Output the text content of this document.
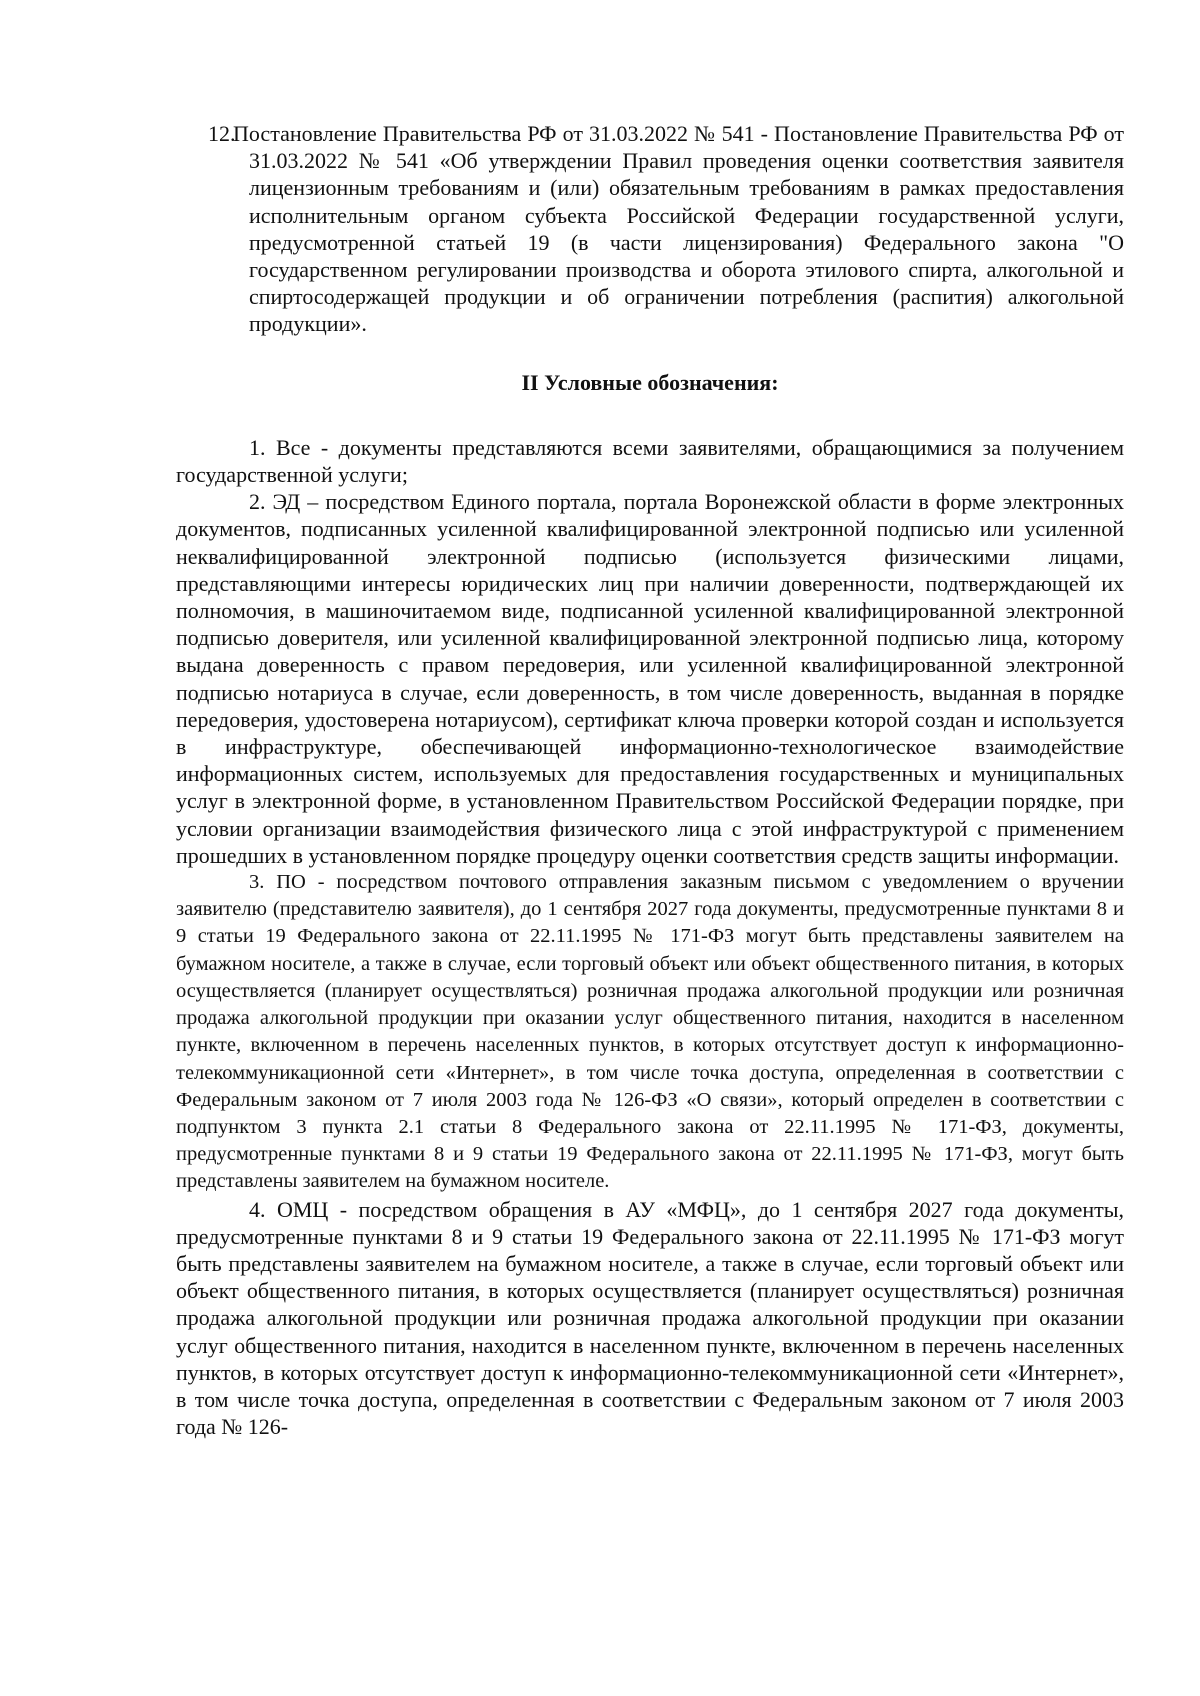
12.Постановление Правительства РФ от 31.03.2022 № 541 - Постановление Правительства РФ от 31.03.2022 № 541 «Об утверждении Правил проведения оценки соответствия заявителя лицензионным требованиям и (или) обязательным требованиям в рамках предоставления исполнительным органом субъекта Российской Федерации государственной услуги, предусмотренной статьей 19 (в части лицензирования) Федерального закона "О государственном регулировании производства и оборота этилового спирта, алкогольной и спиртосодержащей продукции и об ограничении потребления (распития) алкогольной продукции».

II Условные обозначения:

1. Все - документы представляются всеми заявителями, обращающимися за получением государственной услуги;

2. ЭД – посредством Единого портала, портала Воронежской области в форме электронных документов, подписанных усиленной квалифицированной электронной подписью или усиленной неквалифицированной электронной подписью (используется физическими лицами, представляющими интересы юридических лиц при наличии доверенности, подтверждающей их полномочия, в машиночитаемом виде, подписанной усиленной квалифицированной электронной подписью доверителя, или усиленной квалифицированной электронной подписью лица, которому выдана доверенность с правом передоверия, или усиленной квалифицированной электронной подписью нотариуса в случае, если доверенность, в том числе доверенность, выданная в порядке передоверия, удостоверена нотариусом), сертификат ключа проверки которой создан и используется в инфраструктуре, обеспечивающей информационно-технологическое взаимодействие информационных систем, используемых для предоставления государственных и муниципальных услуг в электронной форме, в установленном Правительством Российской Федерации порядке, при условии организации взаимодействия физического лица с этой инфраструктурой с применением прошедших в установленном порядке процедуру оценки соответствия средств защиты информации.

3. ПО - посредством почтового отправления заказным письмом с уведомлением о вручении заявителю (представителю заявителя), до 1 сентября 2027 года документы, предусмотренные пунктами 8 и 9 статьи 19 Федерального закона от 22.11.1995 № 171-ФЗ могут быть представлены заявителем на бумажном носителе, а также в случае, если торговый объект или объект общественного питания, в которых осуществляется (планирует осуществляться) розничная продажа алкогольной продукции или розничная продажа алкогольной продукции при оказании услуг общественного питания, находится в населенном пункте, включенном в перечень населенных пунктов, в которых отсутствует доступ к информационно-телекоммуникационной сети «Интернет», в том числе точка доступа, определенная в соответствии с Федеральным законом от 7 июля 2003 года № 126-ФЗ «О связи», который определен в соответствии с подпунктом 3 пункта 2.1 статьи 8 Федерального закона от 22.11.1995 № 171-ФЗ, документы, предусмотренные пунктами 8 и 9 статьи 19 Федерального закона от 22.11.1995 № 171-ФЗ, могут быть представлены заявителем на бумажном носителе.

4. ОМЦ - посредством обращения в АУ «МФЦ», до 1 сентября 2027 года документы, предусмотренные пунктами 8 и 9 статьи 19 Федерального закона от 22.11.1995 № 171-ФЗ могут быть представлены заявителем на бумажном носителе, а также в случае, если торговый объект или объект общественного питания, в которых осуществляется (планирует осуществляться) розничная продажа алкогольной продукции или розничная продажа алкогольной продукции при оказании услуг общественного питания, находится в населенном пункте, включенном в перечень населенных пунктов, в которых отсутствует доступ к информационно-телекоммуникационной сети «Интернет», в том числе точка доступа, определенная в соответствии с Федеральным законом от 7 июля 2003 года № 126-
